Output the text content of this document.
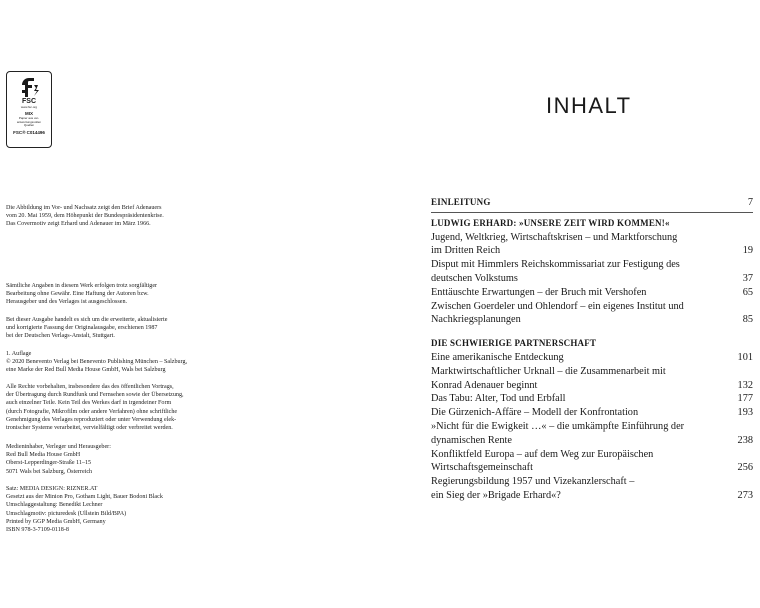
FSC
www.fsc.org
MIX
Papier aus ver-
antwortungsvollen
Quellen
FSC® C014496
Die Abbildung im Vor- und Nachsatz zeigt den Brief Adenauers
vom 20. Mai 1959, dem Höhepunkt der Bundespräsidentenkrise.
Das Covermotiv zeigt Erhard und Adenauer im März 1966.
Sämtliche Angaben in diesem Werk erfolgen trotz sorgfältiger
Bearbeitung ohne Gewähr. Eine Haftung der Autoren bzw.
Herausgeber und des Verlages ist ausgeschlossen.
Bei dieser Ausgabe handelt es sich um die erweiterte, aktualisierte
und korrigierte Fassung der Originalausgabe, erschienen 1987
bei der Deutschen Verlags-Anstalt, Stuttgart.
1. Auflage
© 2020 Benevento Verlag bei Benevento Publishing München – Salzburg,
eine Marke der Red Bull Media House GmbH, Wals bei Salzburg
Alle Rechte vorbehalten, insbesondere das des öffentlichen Vortrags,
der Übertragung durch Rundfunk und Fernsehen sowie der Übersetzung,
auch einzelner Teile. Kein Teil des Werkes darf in irgendeiner Form
(durch Fotografie, Mikrofilm oder andere Verfahren) ohne schriftliche
Genehmigung des Verlages reproduziert oder unter Verwendung elek-
tronischer Systeme verarbeitet, vervielfältigt oder verbreitet werden.
Medieninhaber, Verleger und Herausgeber:
Red Bull Media House GmbH
Oberst-Lepperdinger-Straße 11–15
5071 Wals bei Salzburg, Österreich
Satz: MEDIA DESIGN: RIZNER.AT
Gesetzt aus der Minion Pro, Gotham Light, Bauer Bodoni Black
Umschlaggestaltung: Benedikt Lechner
Umschlagmotiv: picturedesk (Ullstein Bild/BPA)
Printed by GGP Media GmbH, Germany
ISBN 978-3-7109-0118-8
INHALT
EINLEITUNG	7
LUDWIG ERHARD: »UNSERE ZEIT WIRD KOMMEN!«
Jugend, Weltkrieg, Wirtschaftskrisen – und Marktforschung
im Dritten Reich	19
Disput mit Himmlers Reichskommissariat zur Festigung des
deutschen Volkstums	37
Enttäuschte Erwartungen – der Bruch mit Vershofen	65
Zwischen Goerdeler und Ohlendorf – ein eigenes Institut und
Nachkriegsplanungen	85
DIE SCHWIERIGE PARTNERSCHAFT
Eine amerikanische Entdeckung	101
Marktwirtschaftlicher Urknall – die Zusammenarbeit mit
Konrad Adenauer beginnt	132
Das Tabu: Alter, Tod und Erbfall	177
Die Gürzenich-Affäre – Modell der Konfrontation	193
»Nicht für die Ewigkeit …« – die umkämpfte Einführung der
dynamischen Rente	238
Konfliktfeld Europa – auf dem Weg zur Europäischen
Wirtschaftsgemeinschaft	256
Regierungsbildung 1957 und Vizekanzlerschaft –
ein Sieg der »Brigade Erhard«?	273
